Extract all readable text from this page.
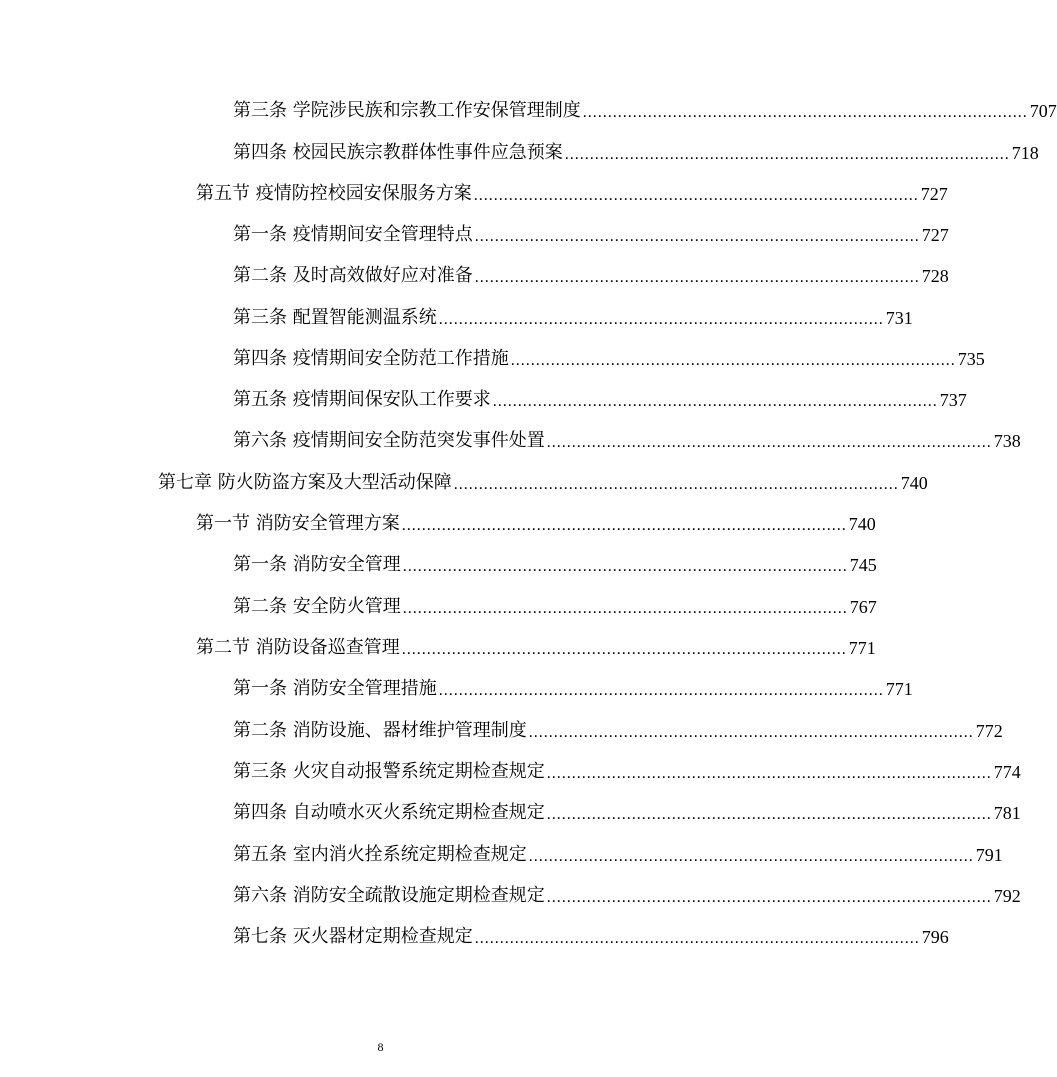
第三条 学院涉民族和宗教工作安保管理制度 ......................................................................................... 707
第四条 校园民族宗教群体性事件应急预案 ......................................................................................... 718
第五节 疫情防控校园安保服务方案 ......................................................................................... 727
第一条 疫情期间安全管理特点 ......................................................................................... 727
第二条 及时高效做好应对准备 ......................................................................................... 728
第三条 配置智能测温系统 ......................................................................................... 731
第四条 疫情期间安全防范工作措施 ......................................................................................... 735
第五条 疫情期间保安队工作要求 ......................................................................................... 737
第六条 疫情期间安全防范突发事件处置 ......................................................................................... 738
第七章 防火防盗方案及大型活动保障 ......................................................................................... 740
第一节 消防安全管理方案 ......................................................................................... 740
第一条 消防安全管理 ......................................................................................... 745
第二条 安全防火管理 ......................................................................................... 767
第二节 消防设备巡查管理 ......................................................................................... 771
第一条 消防安全管理措施 ......................................................................................... 771
第二条 消防设施、器材维护管理制度 ......................................................................................... 772
第三条 火灾自动报警系统定期检查规定 ......................................................................................... 774
第四条 自动喷水灭火系统定期检查规定 ......................................................................................... 781
第五条 室内消火拴系统定期检查规定 ......................................................................................... 791
第六条 消防安全疏散设施定期检查规定 ......................................................................................... 792
第七条 灭火器材定期检查规定 ......................................................................................... 796
8
